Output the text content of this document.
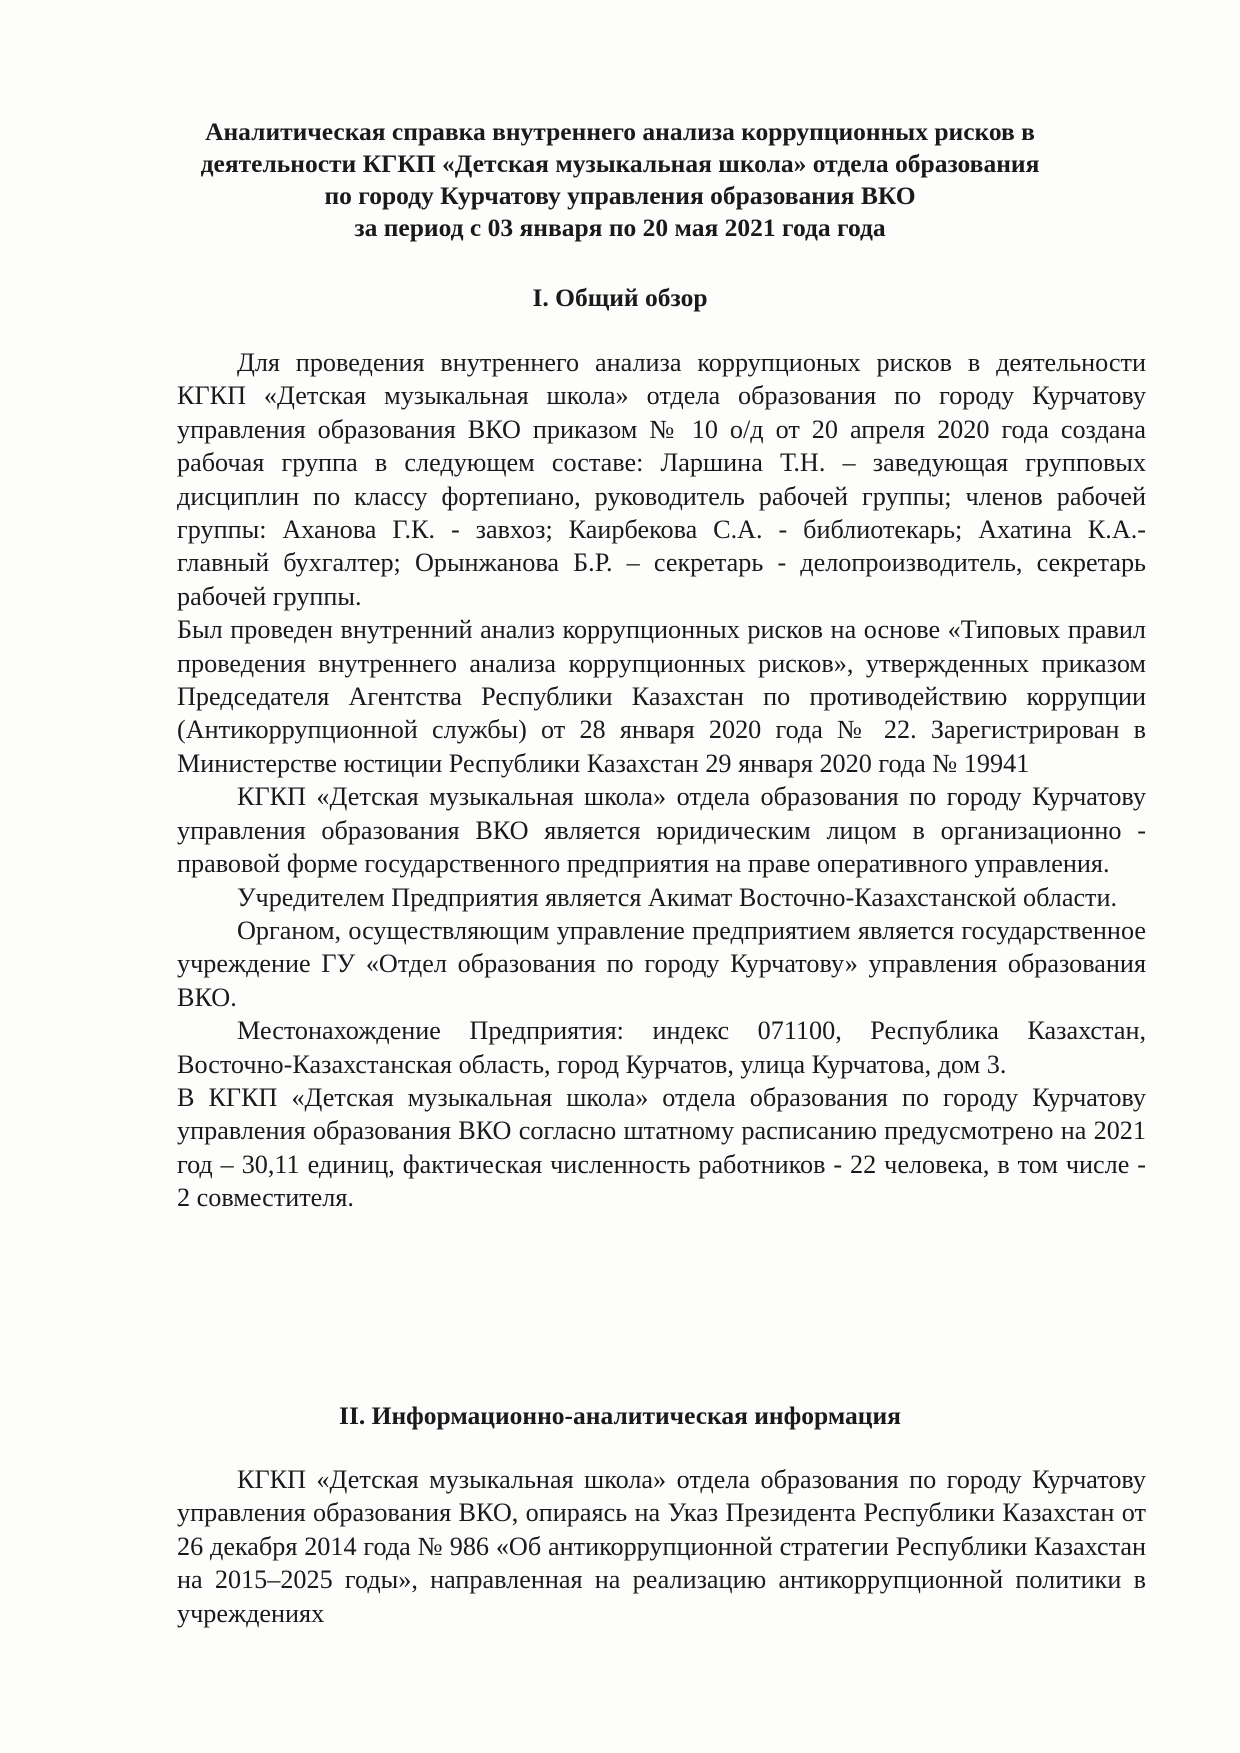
Аналитическая справка внутреннего анализа коррупционных рисков в
деятельности КГКП «Детская музыкальная школа» отдела образования
по городу Курчатову управления образования ВКО
за период с 03 января по 20 мая 2021 года года
I. Общий обзор

Для проведения внутреннего анализа коррупционых рисков в деятельности КГКП «Детская музыкальная школа» отдела образования по городу Курчатову управления образования ВКО приказом № 10 о/д от 20 апреля 2020 года создана рабочая группа в следующем составе: Ларшина Т.Н. – заведующая групповых дисциплин по классу фортепиано, руководитель рабочей группы; членов рабочей группы: Аханова Г.К. - завхоз; Каирбекова С.А. - библиотекарь; Ахатина К.А.- главный бухгалтер; Орынжанова Б.Р. – секретарь - делопроизводитель, секретарь рабочей группы.

Был проведен внутренний анализ коррупционных рисков на основе «Типовых правил проведения внутреннего анализа коррупционных рисков», утвержденных приказом Председателя Агентства Республики Казахстан по противодействию коррупции (Антикоррупционной службы) от 28 января 2020 года № 22. Зарегистрирован в Министерстве юстиции Республики Казахстан 29 января 2020 года № 19941

КГКП «Детская музыкальная школа» отдела образования по городу Курчатову управления образования ВКО является юридическим лицом в организационно - правовой форме государственного предприятия на праве оперативного управления.

Учредителем Предприятия является Акимат Восточно-Казахстанской области.

Органом, осуществляющим управление предприятием является государственное учреждение ГУ «Отдел образования по городу Курчатову» управления образования ВКО.

Местонахождение Предприятия: индекс 071100, Республика Казахстан, Восточно-Казахстанская область, город Курчатов, улица Курчатова, дом 3.

В КГКП «Детская музыкальная школа» отдела образования по городу Курчатову управления образования ВКО согласно штатному расписанию предусмотрено на 2021 год – 30,11 единиц, фактическая численность работников - 22 человека, в том числе - 2 совместителя.

II. Информационно-аналитическая информация

КГКП «Детская музыкальная школа» отдела образования по городу Курчатову управления образования ВКО, опираясь на Указ Президента Республики Казахстан от 26 декабря 2014 года № 986 «Об антикоррупционной стратегии Республики Казахстан на 2015–2025 годы», направленная на реализацию антикоррупционной политики в учреждениях
